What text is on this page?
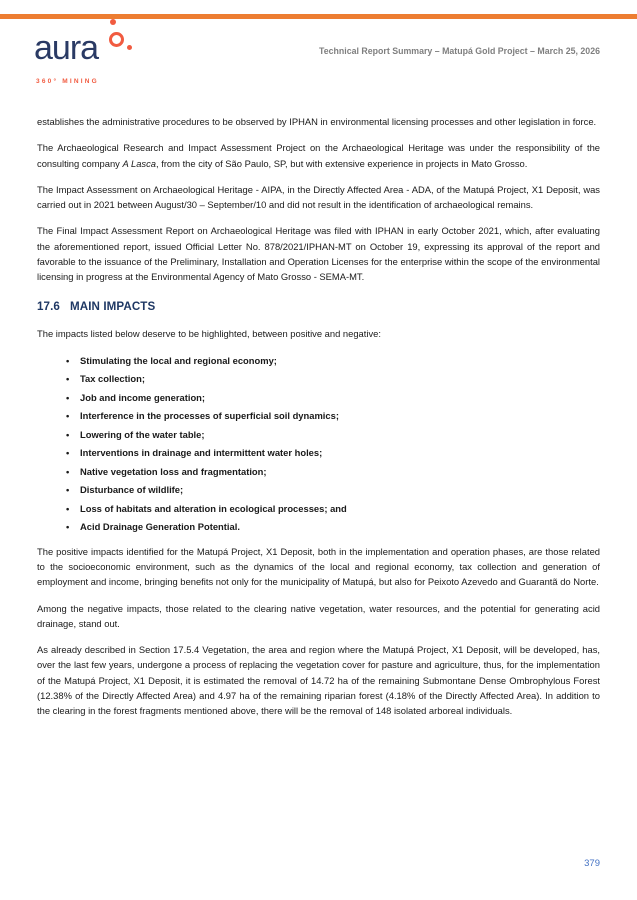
aura
360° MINING
Technical Report Summary – Matupá Gold Project – March 25, 2026

establishes the administrative procedures to be observed by IPHAN in environmental licensing processes and other legislation in force.

The Archaeological Research and Impact Assessment Project on the Archaeological Heritage was under the responsibility of the consulting company A Lasca, from the city of São Paulo, SP, but with extensive experience in projects in Mato Grosso.

The Impact Assessment on Archaeological Heritage - AIPA, in the Directly Affected Area - ADA, of the Matupá Project, X1 Deposit, was carried out in 2021 between August/30 – September/10 and did not result in the identification of archaeological remains.

The Final Impact Assessment Report on Archaeological Heritage was filed with IPHAN in early October 2021, which, after evaluating the aforementioned report, issued Official Letter No. 878/2021/IPHAN-MT on October 19, expressing its approval of the report and favorable to the issuance of the Preliminary, Installation and Operation Licenses for the enterprise within the scope of the environmental licensing in progress at the Environmental Agency of Mato Grosso - SEMA-MT.

17.6 MAIN IMPACTS

The impacts listed below deserve to be highlighted, between positive and negative:

• Stimulating the local and regional economy;
• Tax collection;
• Job and income generation;
• Interference in the processes of superficial soil dynamics;
• Lowering of the water table;
• Interventions in drainage and intermittent water holes;
• Native vegetation loss and fragmentation;
• Disturbance of wildlife;
• Loss of habitats and alteration in ecological processes; and
• Acid Drainage Generation Potential.

The positive impacts identified for the Matupá Project, X1 Deposit, both in the implementation and operation phases, are those related to the socioeconomic environment, such as the dynamics of the local and regional economy, tax collection and generation of employment and income, bringing benefits not only for the municipality of Matupá, but also for Peixoto Azevedo and Guarantã do Norte.

Among the negative impacts, those related to the clearing native vegetation, water resources, and the potential for generating acid drainage, stand out.

As already described in Section 17.5.4 Vegetation, the area and region where the Matupá Project, X1 Deposit, will be developed, has, over the last few years, undergone a process of replacing the vegetation cover for pasture and agriculture, thus, for the implementation of the Matupá Project, X1 Deposit, it is estimated the removal of 14.72 ha of the remaining Submontane Dense Ombrophylous Forest (12.38% of the Directly Affected Area) and 4.97 ha of the remaining riparian forest (4.18% of the Directly Affected Area). In addition to the clearing in the forest fragments mentioned above, there will be the removal of 148 isolated arboreal individuals.

379
